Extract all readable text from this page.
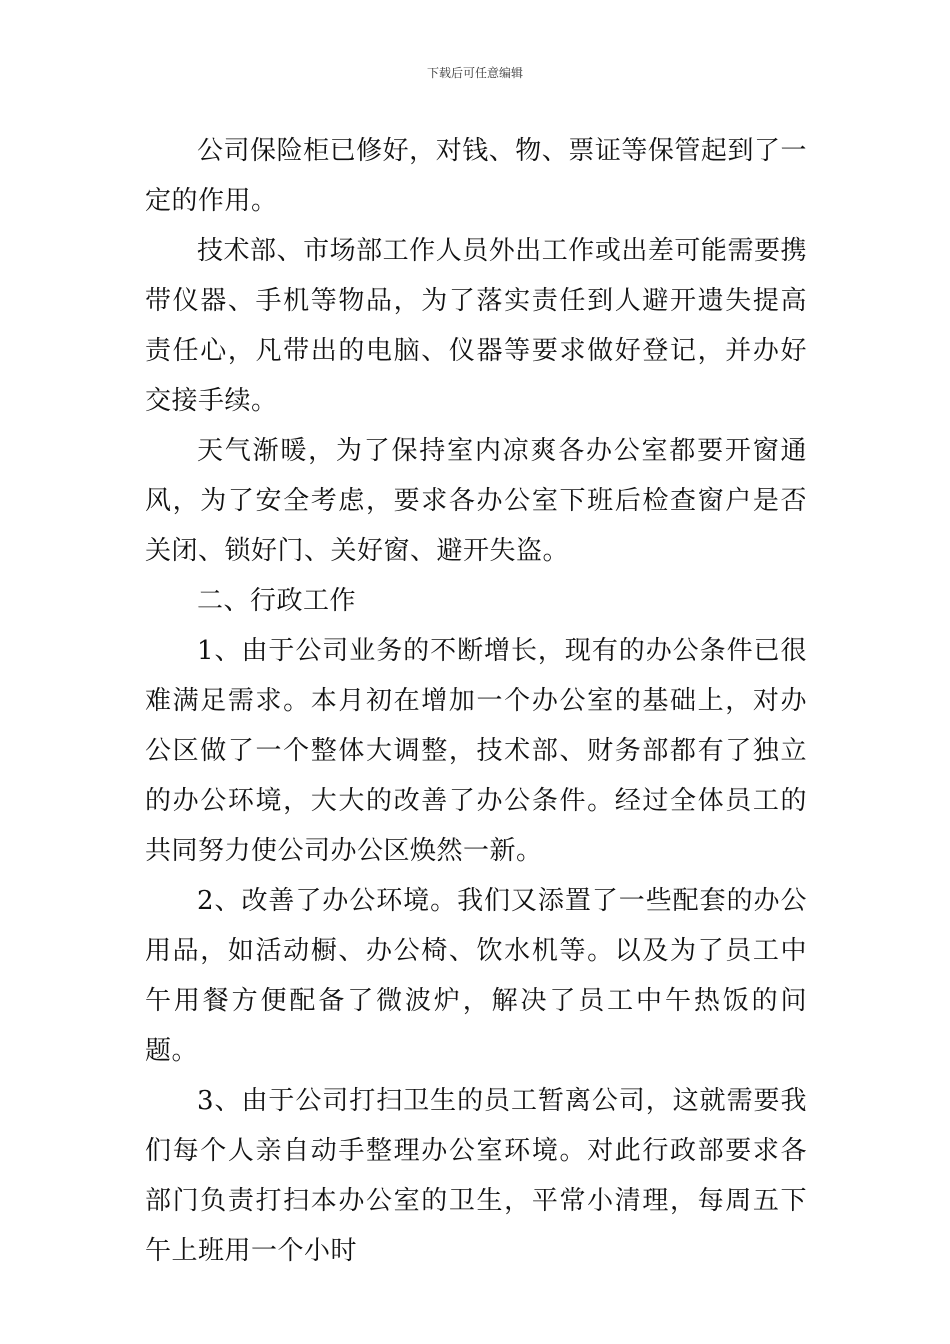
下载后可任意编辑

公司保险柜已修好，对钱、物、票证等保管起到了一定的作用。

技术部、市场部工作人员外出工作或出差可能需要携带仪器、手机等物品，为了落实责任到人避开遗失提高责任心，凡带出的电脑、仪器等要求做好登记，并办好交接手续。

天气渐暖，为了保持室内凉爽各办公室都要开窗通风，为了安全考虑，要求各办公室下班后检查窗户是否关闭、锁好门、关好窗、避开失盗。

二、行政工作

1、由于公司业务的不断增长，现有的办公条件已很难满足需求。本月初在增加一个办公室的基础上，对办公区做了一个整体大调整，技术部、财务部都有了独立的办公环境，大大的改善了办公条件。经过全体员工的共同努力使公司办公区焕然一新。

2、改善了办公环境。我们又添置了一些配套的办公用品，如活动橱、办公椅、饮水机等。以及为了员工中午用餐方便配备了微波炉，解决了员工中午热饭的问题。

3、由于公司打扫卫生的员工暂离公司，这就需要我们每个人亲自动手整理办公室环境。对此行政部要求各部门负责打扫本办公室的卫生，平常小清理，每周五下午上班用一个小时
